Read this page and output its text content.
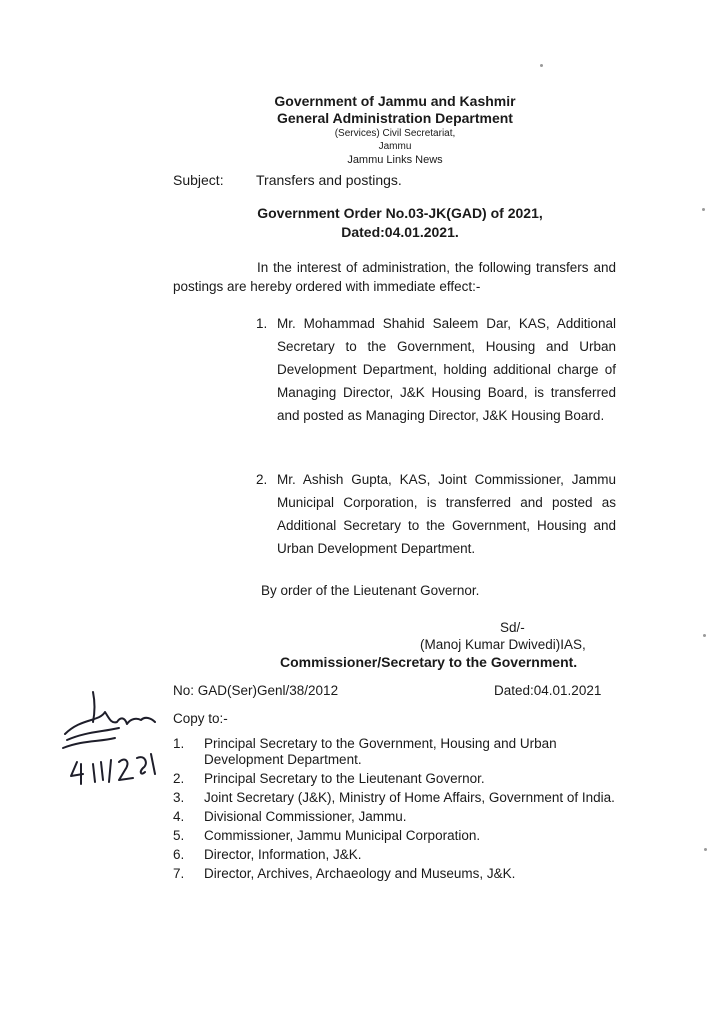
Government of Jammu and Kashmir
General Administration Department
(Services) Civil Secretariat,
Jammu
Jammu Links News
Subject: Transfers and postings.
Government Order No.03-JK(GAD) of 2021,
Dated:04.01.2021.
In the interest of administration, the following transfers and postings are hereby ordered with immediate effect:-
1. Mr. Mohammad Shahid Saleem Dar, KAS, Additional Secretary to the Government, Housing and Urban Development Department, holding additional charge of Managing Director, J&K Housing Board, is transferred and posted as Managing Director, J&K Housing Board.
2. Mr. Ashish Gupta, KAS, Joint Commissioner, Jammu Municipal Corporation, is transferred and posted as Additional Secretary to the Government, Housing and Urban Development Department.
By order of the Lieutenant Governor.
Sd/-
(Manoj Kumar Dwivedi)IAS,
Commissioner/Secretary to the Government.
No: GAD(Ser)Genl/38/2012	Dated:04.01.2021
Copy to:-
1. Principal Secretary to the Government, Housing and Urban Development Department.
2. Principal Secretary to the Lieutenant Governor.
3. Joint Secretary (J&K), Ministry of Home Affairs, Government of India.
4. Divisional Commissioner, Jammu.
5. Commissioner, Jammu Municipal Corporation.
6. Director, Information, J&K.
7. Director, Archives, Archaeology and Museums, J&K.
